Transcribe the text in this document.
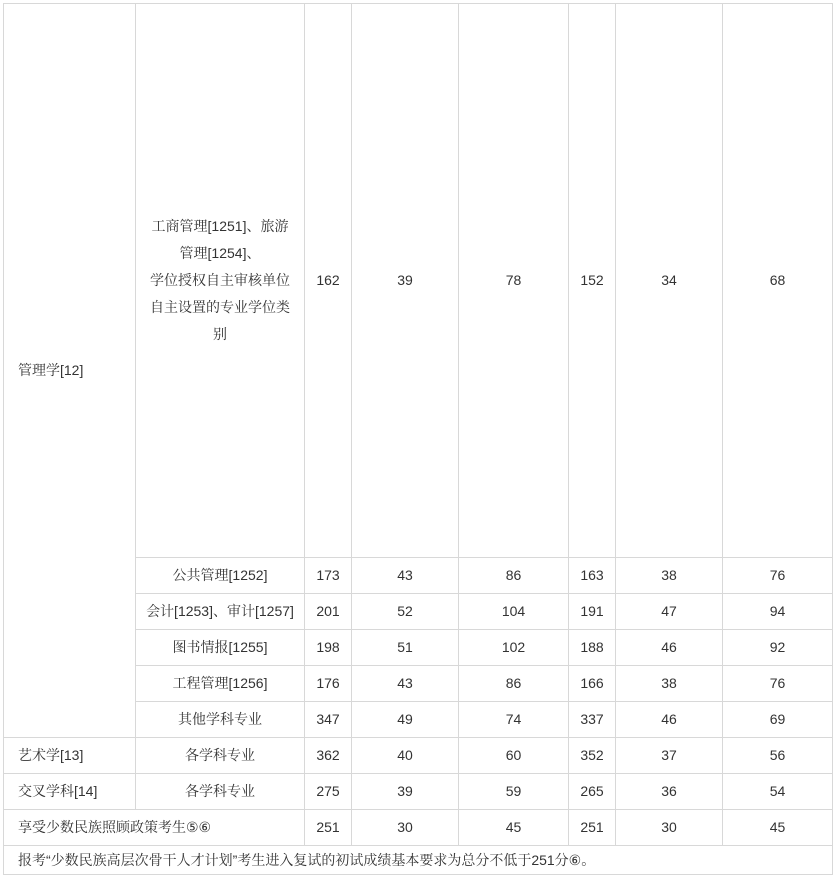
管理学[12]	工商管理[1251]、旅游
管理[1254]、
学位授权自主审核单位
自主设置的专业学位类
别	162	39	78	152	34	68
	公共管理[1252]	173	43	86	163	38	76
	会计[1253]、审计[1257]	201	52	104	191	47	94
	图书情报[1255]	198	51	102	188	46	92
	工程管理[1256]	176	43	86	166	38	76
	其他学科专业	347	49	74	337	46	69
艺术学[13]	各学科专业	362	40	60	352	37	56
交叉学科[14]	各学科专业	275	39	59	265	36	54
享受少数民族照顾政策考生⑤⑥		251	30	45	251	30	45
报考“少数民族高层次骨干人才计划”考生进入复试的初试成绩基本要求为总分不低于251分⑥。							
